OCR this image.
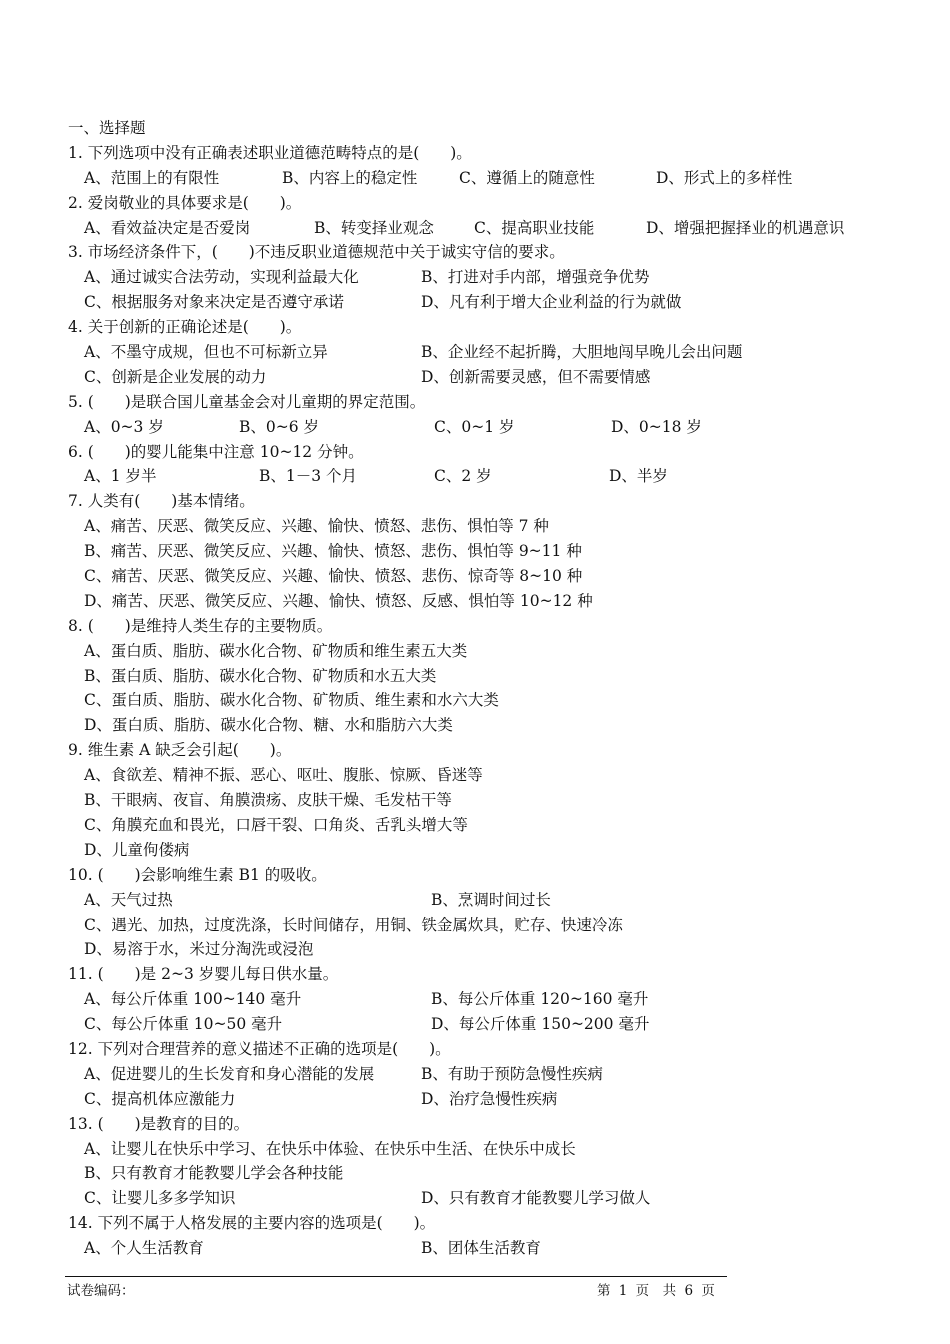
一、选择题
1. 下列选项中没有正确表述职业道德范畴特点的是(　　)。
A、范围上的有限性	B、内容上的稳定性	C、遵循上的随意性	D、形式上的多样性
2. 爱岗敬业的具体要求是(　　)。
A、看效益决定是否爱岗	B、转变择业观念	C、提高职业技能	D、增强把握择业的机遇意识
3. 市场经济条件下，(　　)不违反职业道德规范中关于诚实守信的要求。
A、通过诚实合法劳动，实现利益最大化	B、打进对手内部，增强竞争优势
C、根据服务对象来决定是否遵守承诺	D、凡有利于增大企业利益的行为就做
4. 关于创新的正确论述是(　　)。
A、不墨守成规，但也不可标新立异	B、企业经不起折腾，大胆地闯早晚儿会出问题
C、创新是企业发展的动力	D、创新需要灵感，但不需要情感
5. (　　)是联合国儿童基金会对儿童期的界定范围。
A、0~3 岁	B、0~6 岁	C、0~1 岁	D、0~18 岁
6. (　　)的婴儿能集中注意 10~12 分钟。
A、1 岁半	B、1－3 个月	C、2 岁	D、半岁
7. 人类有(　　)基本情绪。
A、痛苦、厌恶、微笑反应、兴趣、愉快、愤怒、悲伤、惧怕等 7 种
B、痛苦、厌恶、微笑反应、兴趣、愉快、愤怒、悲伤、惧怕等 9~11 种
C、痛苦、厌恶、微笑反应、兴趣、愉快、愤怒、悲伤、惊奇等 8~10 种
D、痛苦、厌恶、微笑反应、兴趣、愉快、愤怒、反感、惧怕等 10~12 种
8. (　　)是维持人类生存的主要物质。
A、蛋白质、脂肪、碳水化合物、矿物质和维生素五大类
B、蛋白质、脂肪、碳水化合物、矿物质和水五大类
C、蛋白质、脂肪、碳水化合物、矿物质、维生素和水六大类
D、蛋白质、脂肪、碳水化合物、糖、水和脂肪六大类
9. 维生素 A 缺乏会引起(　　)。
A、食欲差、精神不振、恶心、呕吐、腹胀、惊厥、昏迷等
B、干眼病、夜盲、角膜溃疡、皮肤干燥、毛发枯干等
C、角膜充血和畏光，口唇干裂、口角炎、舌乳头增大等
D、儿童佝偻病
10. (　　)会影响维生素 B1 的吸收。
A、天气过热	B、烹调时间过长
C、遇光、加热，过度洗涤，长时间储存，用铜、铁金属炊具，贮存、快速冷冻
D、易溶于水，米过分淘洗或浸泡
11. (　　)是 2~3 岁婴儿每日供水量。
A、每公斤体重 100~140 毫升	B、每公斤体重 120~160 毫升
C、每公斤体重 10~50 毫升	D、每公斤体重 150~200 毫升
12. 下列对合理营养的意义描述不正确的选项是(　　)。
A、促进婴儿的生长发育和身心潜能的发展	B、有助于预防急慢性疾病
C、提高机体应激能力	D、治疗急慢性疾病
13. (　　)是教育的目的。
A、让婴儿在快乐中学习、在快乐中体验、在快乐中生活、在快乐中成长
B、只有教育才能教婴儿学会各种技能
C、让婴儿多多学知识	D、只有教育才能教婴儿学习做人
14. 下列不属于人格发展的主要内容的选项是(　　)。
A、个人生活教育	B、团体生活教育
试卷编码：	第 1 页　共 6 页
